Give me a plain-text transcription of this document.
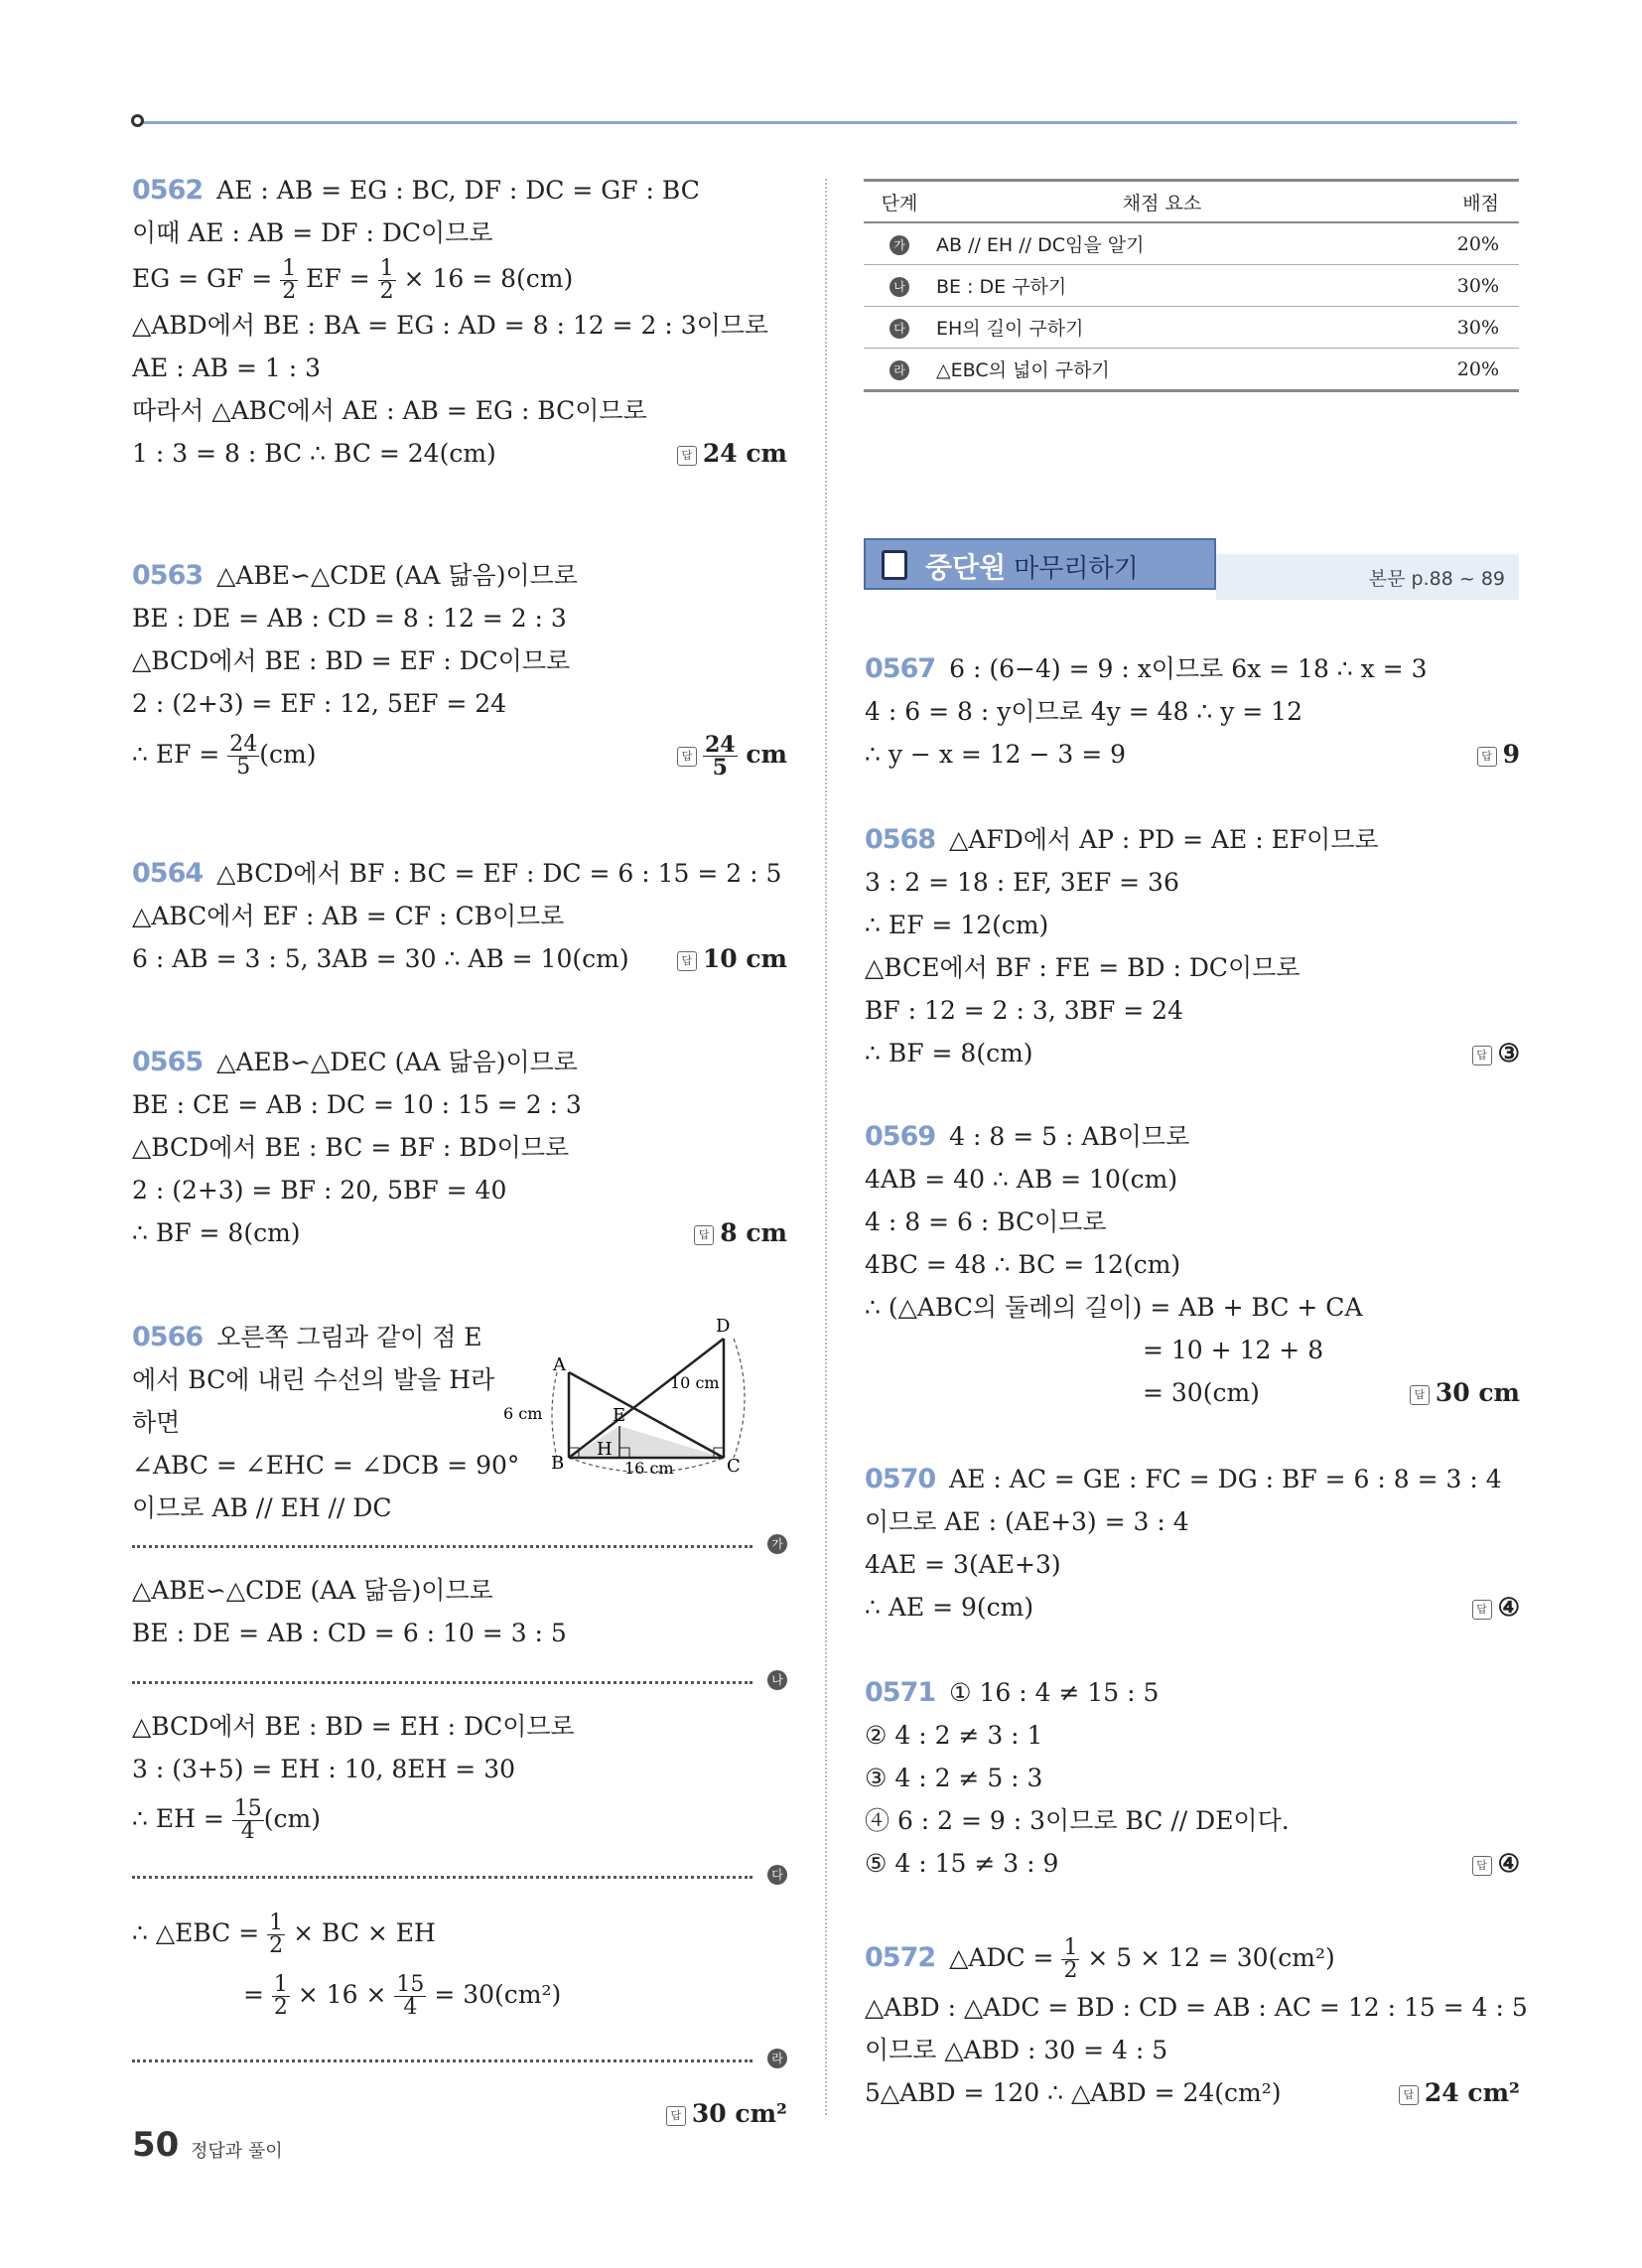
0562 AE : AB = EG : BC, DF : DC = GF : BC
이때 AE : AB = DF : DC이므로
EG = GF = $\frac{1}{2}$ EF = $\frac{1}{2} \times 16 = 8(cm)$
△ABD에서 BE : BA = EG : AD = 8 : 12 = 2 : 3이므로
AE : AB = 1 : 3
따라서 △ABC에서 AE : AB = EG : BC이므로
1 : 3 = 8 : BC ∴ BC = 24(cm)	답 24 cm
0563 △ABE∽△CDE (AA 닮음)이므로
BE : DE = AB : CD = 8 : 12 = 2 : 3
△BCD에서 BE : BD = EF : DC이므로
2 : (2+3) = EF : 12, 5EF = 24
∴ EF = $\frac{24}{5} (cm)$	답 $\frac{24}{5}$ cm
0564 △BCD에서 BF : BC = EF : DC = 6 : 15 = 2 : 5
△ABC에서 EF : AB = CF : CB이므로
6 : AB = 3 : 5, 3AB = 30 ∴ AB = 10(cm)	답 10 cm
0565 △AEB∽△DEC (AA 닮음)이므로
BE : CE = AB : DC = 10 : 15 = 2 : 3
△BCD에서 BE : BC = BF : BD이므로
2 : (2+3) = BF : 20, 5BF = 40
∴ BF = 8(cm)	답 8 cm
0566 오른쪽 그림과 같이 점 E
에서 BC에 내린 수선의 발을 H라
하면
∠ABC = ∠EHC = ∠DCB = 90°
이므로 AB // EH // DC
A
B	C
D
E
H
6 cm
10 cm
16 cm
가
△ABE∽△CDE (AA 닮음)이므로
BE : DE = AB : CD = 6 : 10 = 3 : 5
나
△BCD에서 BE : BD = EH : DC이므로
3 : (3+5) = EH : 10, 8EH = 30
∴ EH = $\frac{15}{4} (cm)$
다
∴ △EBC = $\frac{1}{2}$ × BC × EH
= $\frac{1}{2} \times 16 \times \frac{15}{4} = 30(cm^2)$
라
답 30 cm²
단계	채점 요소	배점
가	AB // EH // DC임을 알기	20%
나	BE : DE 구하기	30%
다	EH의 길이 구하기	30%
라	△EBC의 넓이 구하기	20%
중단원 마무리하기	본문 p.88 ~ 89
0567 6 : (6−4) = 9 : x이므로 6x = 18 ∴ x = 3
4 : 6 = 8 : y이므로 4y = 48 ∴ y = 12
∴ y − x = 12 − 3 = 9	답 9
0568 △AFD에서 AP : PD = AE : EF이므로
3 : 2 = 18 : EF, 3EF = 36
∴ EF = 12(cm)
△BCE에서 BF : FE = BD : DC이므로
BF : 12 = 2 : 3, 3BF = 24
∴ BF = 8(cm)	답 ③
0569 4 : 8 = 5 : AB이므로
4AB = 40 ∴ AB = 10(cm)
4 : 8 = 6 : BC이므로
4BC = 48 ∴ BC = 12(cm)
∴ (△ABC의 둘레의 길이) = AB + BC + CA
= 10 + 12 + 8
= 30(cm)	답 30 cm
0570 AE : AC = GE : FC = DG : BF = 6 : 8 = 3 : 4
이므로 AE : (AE+3) = 3 : 4
4AE = 3(AE+3)
∴ AE = 9(cm)	답 ④
0571 ① 16 : 4 ≠ 15 : 5
② 4 : 2 ≠ 3 : 1
③ 4 : 2 ≠ 5 : 3
④ 6 : 2 = 9 : 3이므로 BC // DE이다.
⑤ 4 : 15 ≠ 3 : 9	답 ④
0572 △ADC = $\frac{1}{2} \times 5 \times 12 = 30(cm^2)$
△ABD : △ADC = BD : CD = AB : AC = 12 : 15 = 4 : 5
이므로 △ABD : 30 = 4 : 5
5△ABD = 120 ∴ △ABD = 24(cm²)	답 24 cm²
50 정답과 풀이
